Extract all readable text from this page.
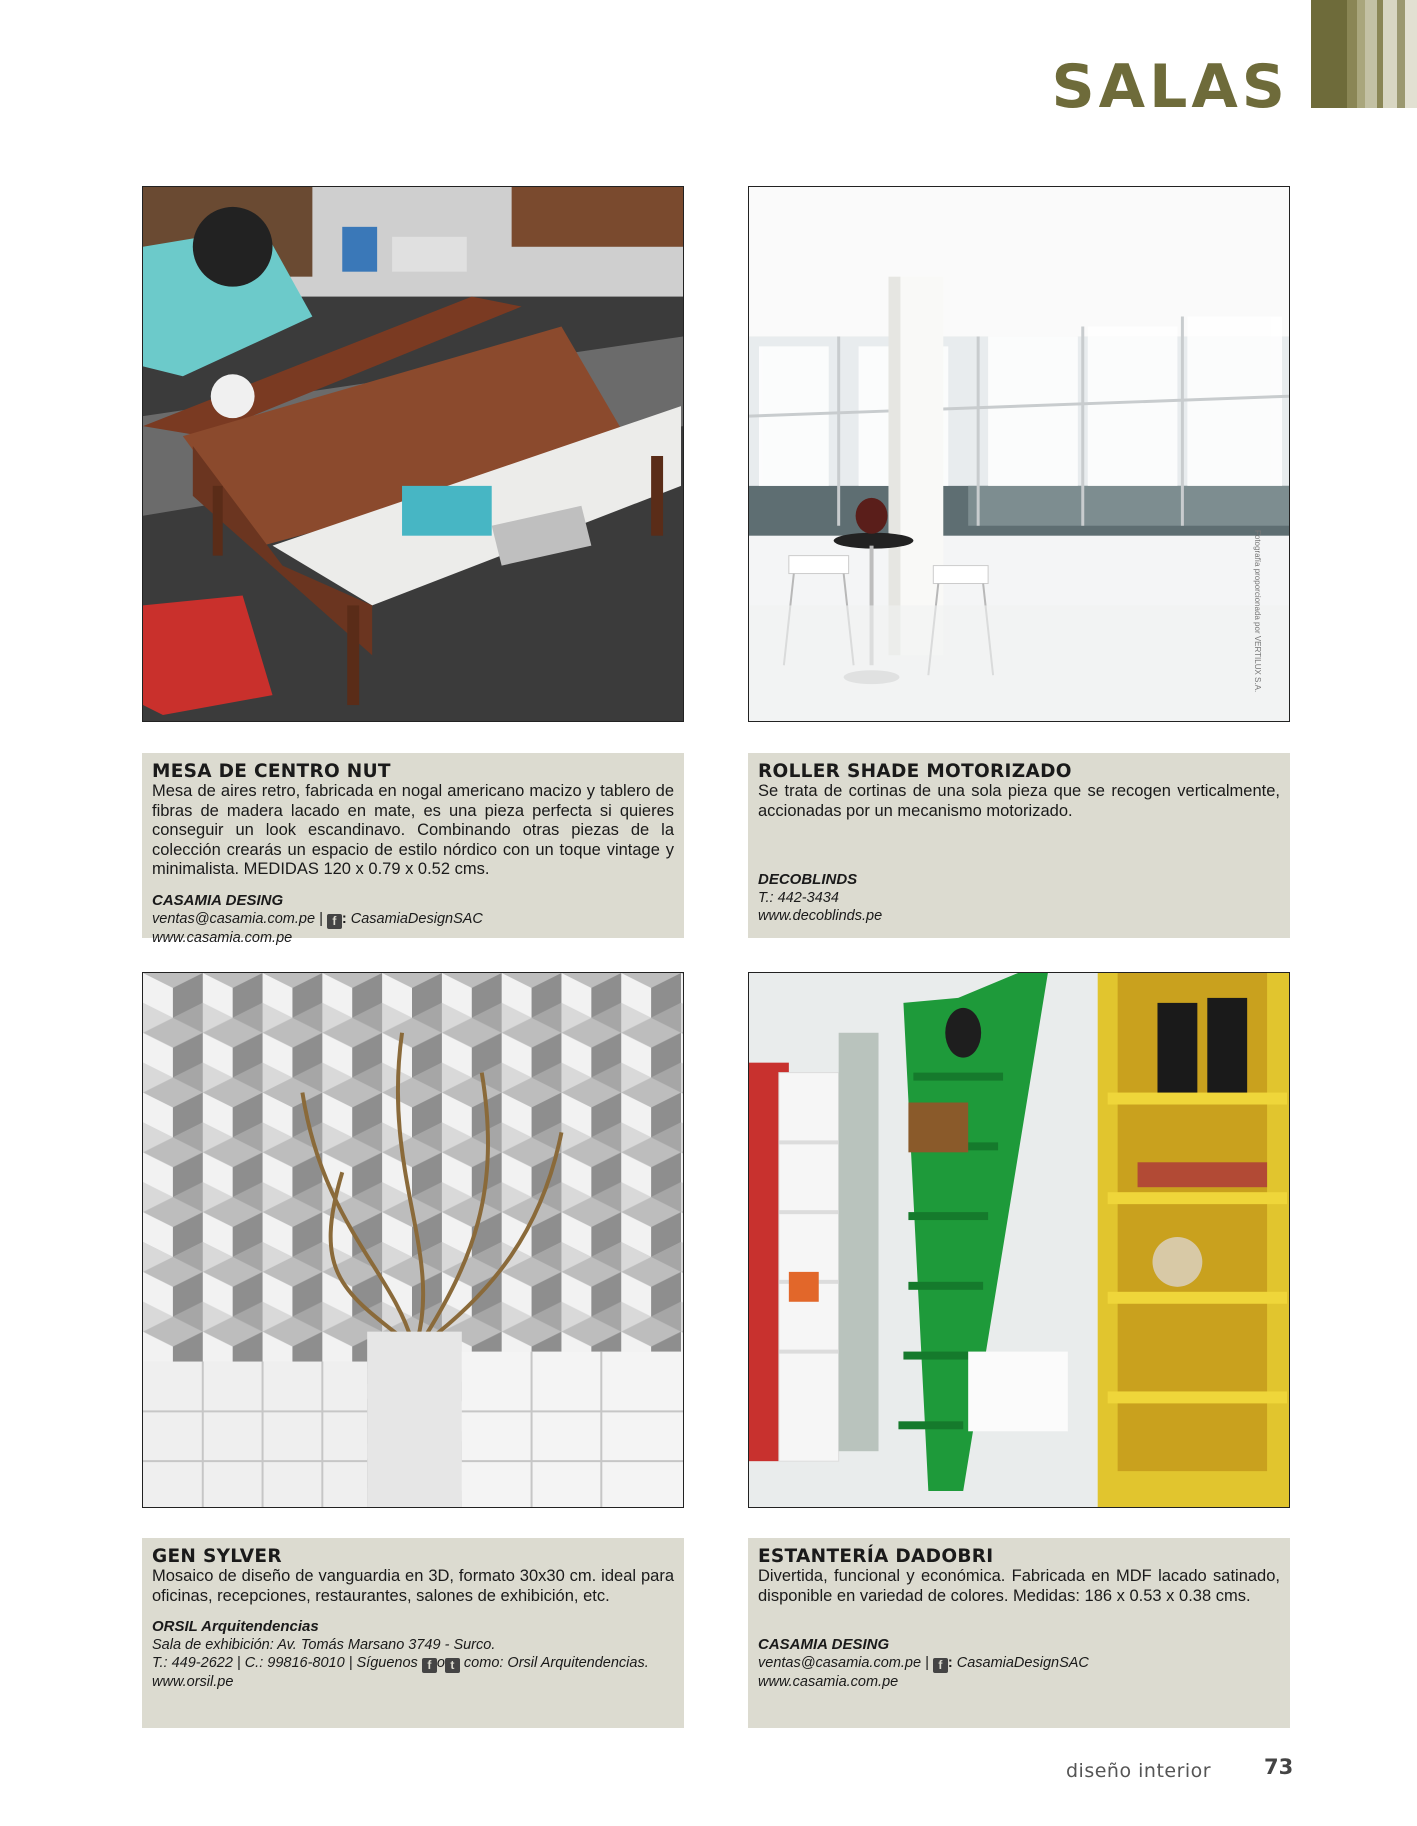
SALAS
Fotografía proporcionada por VERTILUX S.A.
MESA DE CENTRO NUT
Mesa de aires retro, fabricada en nogal americano macizo y tablero de fibras de madera lacado en mate, es una pieza perfecta si quieres conseguir un look escandinavo. Combinando otras piezas de la colección crearás un espacio de estilo nórdico con un toque vintage y minimalista. MEDIDAS 120 x 0.79 x 0.52 cms.
CASAMIA DESING
ventas@casamia.com.pe | f : CasamiaDesignSAC
www.casamia.com.pe
ROLLER SHADE MOTORIZADO
Se trata de cortinas de una sola pieza que se recogen verticalmente, accionadas por un mecanismo motorizado.
DECOBLINDS
T.: 442-3434
www.decoblinds.pe
GEN SYLVER
Mosaico de diseño de vanguardia en 3D, formato 30x30 cm. ideal para oficinas, recepciones, restaurantes, salones de exhibición, etc.
ORSIL Arquitendencias
Sala de exhibición: Av. Tomás Marsano 3749 - Surco.
T.: 449-2622 | C.: 99816-8010 | Síguenos f o t como: Orsil Arquitendencias.
www.orsil.pe
ESTANTERÍA DADOBRI
Divertida, funcional y económica. Fabricada en MDF lacado satinado, disponible en variedad de colores. Medidas: 186 x 0.53 x 0.38 cms.
CASAMIA DESING
ventas@casamia.com.pe | f : CasamiaDesignSAC
www.casamia.com.pe
diseño interior	73
